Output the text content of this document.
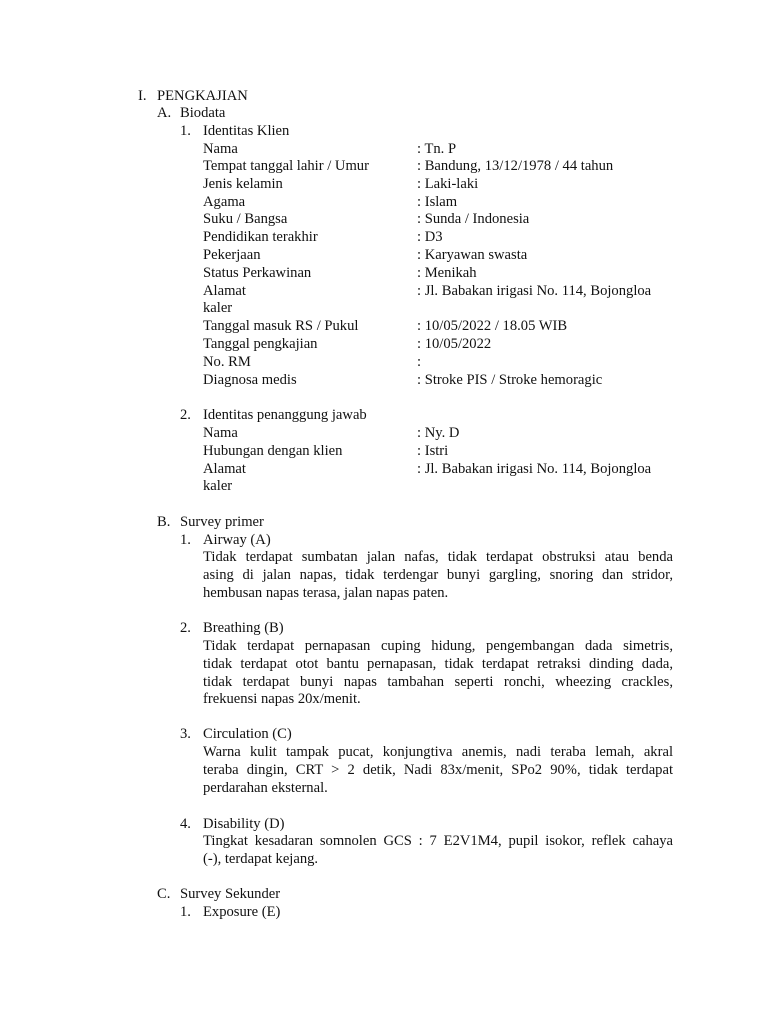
I. PENGKAJIAN
A. Biodata
1. Identitas Klien
Nama	: Tn. P
Tempat tanggal lahir / Umur	: Bandung, 13/12/1978 / 44 tahun
Jenis kelamin	: Laki-laki
Agama	: Islam
Suku / Bangsa	: Sunda / Indonesia
Pendidikan terakhir	: D3
Pekerjaan	: Karyawan swasta
Status Perkawinan	: Menikah
Alamat	: Jl. Babakan irigasi No. 114, Bojongloa
kaler
Tanggal masuk RS / Pukul	: 10/05/2022 / 18.05 WIB
Tanggal pengkajian	: 10/05/2022
No. RM	:
Diagnosa medis	: Stroke PIS / Stroke hemoragic
2. Identitas penanggung jawab
Nama	: Ny. D
Hubungan dengan klien	: Istri
Alamat	: Jl. Babakan irigasi No. 114, Bojongloa
kaler
B. Survey primer
1. Airway (A)
Tidak terdapat sumbatan jalan nafas, tidak terdapat obstruksi atau benda
asing di jalan napas, tidak terdengar bunyi gargling, snoring dan stridor,
hembusan napas terasa, jalan napas paten.
2. Breathing (B)
Tidak terdapat pernapasan cuping hidung, pengembangan dada simetris,
tidak terdapat otot bantu pernapasan, tidak terdapat retraksi dinding dada,
tidak terdapat bunyi napas tambahan seperti ronchi, wheezing crackles,
frekuensi napas 20x/menit.
3. Circulation (C)
Warna kulit tampak pucat, konjungtiva anemis, nadi teraba lemah, akral
teraba dingin, CRT > 2 detik, Nadi 83x/menit, SPo2 90%, tidak terdapat
perdarahan eksternal.
4. Disability (D)
Tingkat kesadaran somnolen GCS : 7 E2V1M4, pupil isokor, reflek cahaya
(-), terdapat kejang.
C. Survey Sekunder
1. Exposure (E)
